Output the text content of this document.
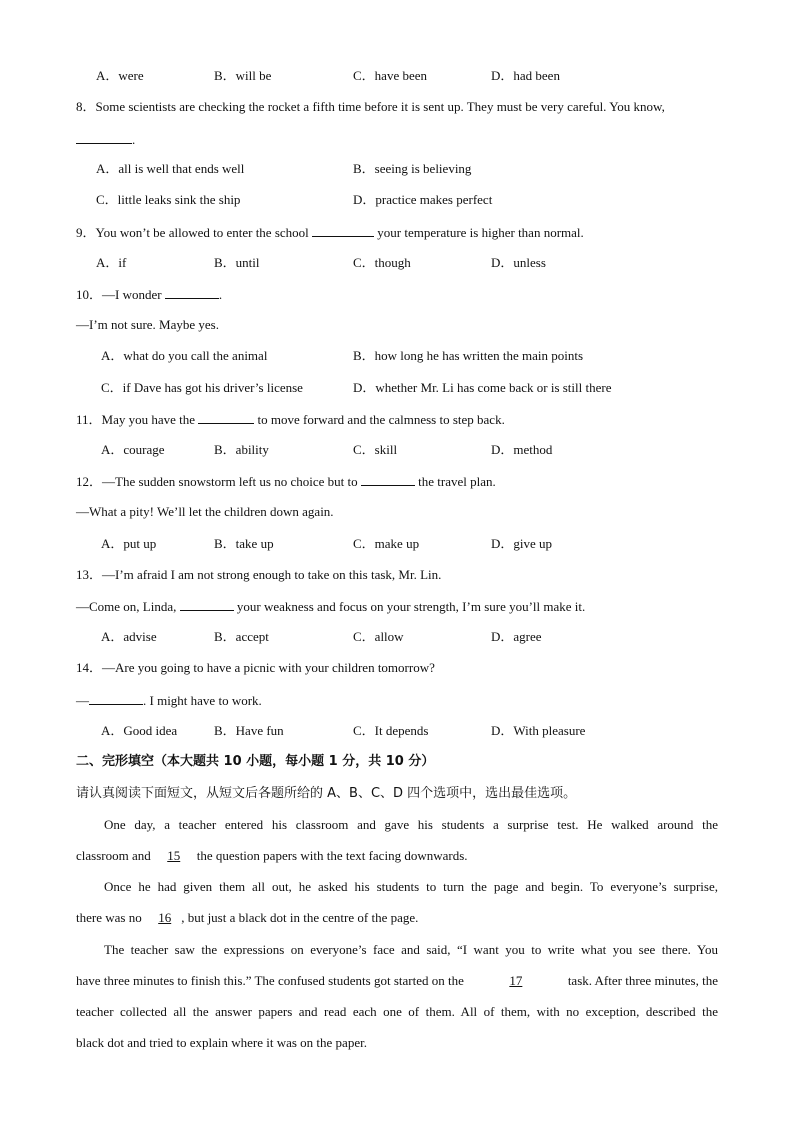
A．were	B．will be	C．have been	D．had been
8．Some scientists are checking the rocket a fifth time before it is sent up. They must be very careful. You know,
.
A．all is well that ends well	B．seeing is believing
C．little leaks sink the ship	D．practice makes perfect
9．You won’t be allowed to enter the school	your temperature is higher than normal.
A．if	B．until	C．though	D．unless
10．—I wonder	.
—I’m not sure. Maybe yes.
A．what do you call the animal	B．how long he has written the main points
C．if Dave has got his driver’s license	D．whether Mr. Li has come back or is still there
11．May you have the	to move forward and the calmness to step back.
A．courage	B．ability	C．skill	D．method
12．—The sudden snowstorm left us no choice but to	the travel plan.
—What a pity! We’ll let the children down again.
A．put up	B．take up	C．make up	D．give up
13．—I’m afraid I am not strong enough to take on this task, Mr. Lin.
—Come on, Linda,	your weakness and focus on your strength, I’m sure you’ll make it.
A．advise	B．accept	C．allow	D．agree
14．—Are you going to have a picnic with your children tomorrow?
—	. I might have to work.
A．Good idea	B．Have fun	C．It depends	D．With pleasure
二、完形填空（本大题共 10 小题，每小题 1 分，共 10 分）
请认真阅读下面短文，从短文后各题所给的 A、B、C、D 四个选项中，选出最佳选项。
One day, a teacher entered his classroom and gave his students a surprise test. He walked around the
classroom and 15 the question papers with the text facing downwards.
Once he had given them all out, he asked his students to turn the page and begin. To everyone’s surprise,
there was no 16 , but just a black dot in the centre of the page.
The teacher saw the expressions on everyone’s face and said, “I want you to write what you see there. You
have three minutes to finish this.” The confused students got started on the	17	task. After three minutes, the
teacher collected all the answer papers and read each one of them. All of them, with no exception, described the
black dot and tried to explain where it was on the paper.
